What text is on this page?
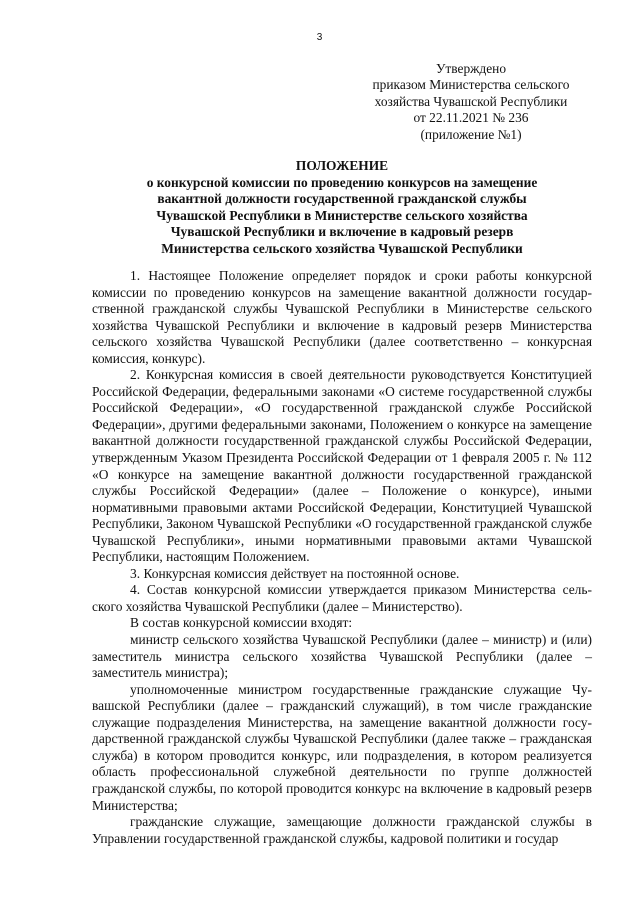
3
Утверждено
приказом Министерства сельского
хозяйства Чувашской Республики
от 22.11.2021 № 236
(приложение №1)
ПОЛОЖЕНИЕ
о конкурсной комиссии по проведению конкурсов на замещение
вакантной должности государственной гражданской службы
Чувашской Республики в Министерстве сельского хозяйства
Чувашской Республики и включение в кадровый резерв
Министерства сельского хозяйства Чувашской Республики

1. Настоящее Положение определяет порядок и сроки работы конкурсной комиссии по проведению конкурсов на замещение вакантной должности государственной гражданской службы Чувашской Республики в Министерстве сельского хозяйства Чувашской Республики и включение в кадровый резерв Министерства сельского хозяйства Чувашской Республики (далее соответственно – конкурсная комиссия, конкурс).

2. Конкурсная комиссия в своей деятельности руководствуется Конституцией Российской Федерации, федеральными законами «О системе государственной службы Российской Федерации», «О государственной гражданской службе Российской Федерации», другими федеральными законами, Положением о конкурсе на замещение вакантной должности государственной гражданской службы Российской Федерации, утвержденным Указом Президента Российской Федерации от 1 февраля 2005 г. № 112 «О конкурсе на замещение вакантной должности государственной гражданской службы Российской Федерации» (далее – Положение о конкурсе), иными нормативными правовыми актами Российской Федерации, Конституцией Чувашской Республики, Законом Чувашской Республики «О государственной гражданской службе Чувашской Республики», иными нормативными правовыми актами Чувашской Республики, настоящим Положением.

3. Конкурсная комиссия действует на постоянной основе.

4. Состав конкурсной комиссии утверждается приказом Министерства сельского хозяйства Чувашской Республики (далее – Министерство).

В состав конкурсной комиссии входят:

министр сельского хозяйства Чувашской Республики (далее – министр) и (или) заместитель министра сельского хозяйства Чувашской Республики (далее – заместитель министра);

уполномоченные министром государственные гражданские служащие Чувашской Республики (далее – гражданский служащий), в том числе гражданские служащие подразделения Министерства, на замещение вакантной должности государственной гражданской службы Чувашской Республики (далее также – гражданская служба) в котором проводится конкурс, или подразделения, в котором реализуется область профессиональной служебной деятельности по группе должностей гражданской службы, по которой проводится конкурс на включение в кадровый резерв Министерства;

гражданские служащие, замещающие должности гражданской службы в Управлении государственной гражданской службы, кадровой политики и государ
